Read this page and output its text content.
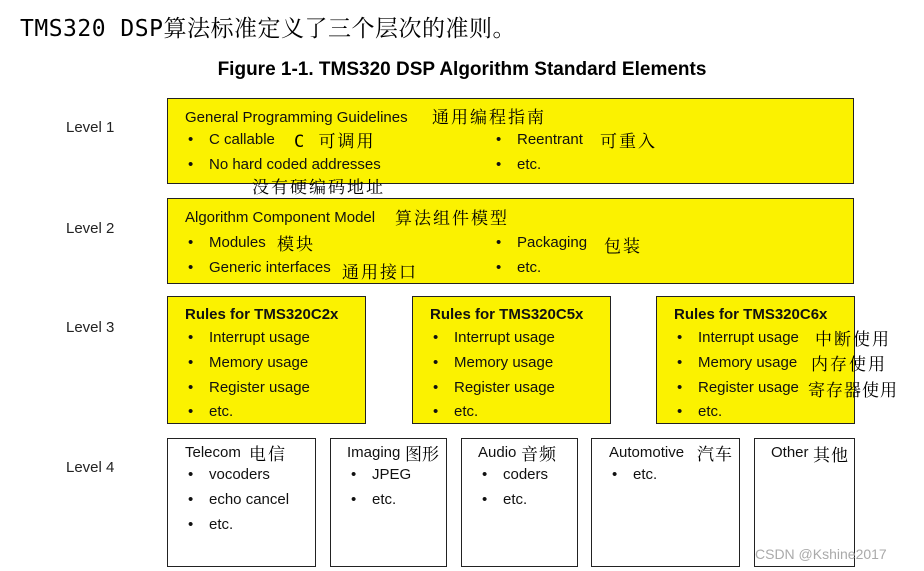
TMS320 DSP算法标准定义了三个层次的准则。
Figure 1-1. TMS320 DSP Algorithm Standard Elements
Level 1
Level 2
Level 3
Level 4
General Programming Guidelines 通用编程指南
• C callable C 可调用
• No hard coded addresses
没有硬编码地址
• Reentrant 可重入
• etc.
Algorithm Component Model 算法组件模型
• Modules 模块
• Generic interfaces 通用接口
• Packaging 包装
• etc.
Rules for TMS320C2x
• Interrupt usage
• Memory usage
• Register usage
• etc.
Rules for TMS320C5x
• Interrupt usage
• Memory usage
• Register usage
• etc.
Rules for TMS320C6x
• Interrupt usage 中断使用
• Memory usage 内存使用
• Register usage 寄存器使用
• etc.
Telecom 电信
• vocoders
• echo cancel
• etc.
Imaging 图形
• JPEG
• etc.
Audio 音频
• coders
• etc.
Automotive 汽车
• etc.
Other 其他
CSDN @Kshine2017
